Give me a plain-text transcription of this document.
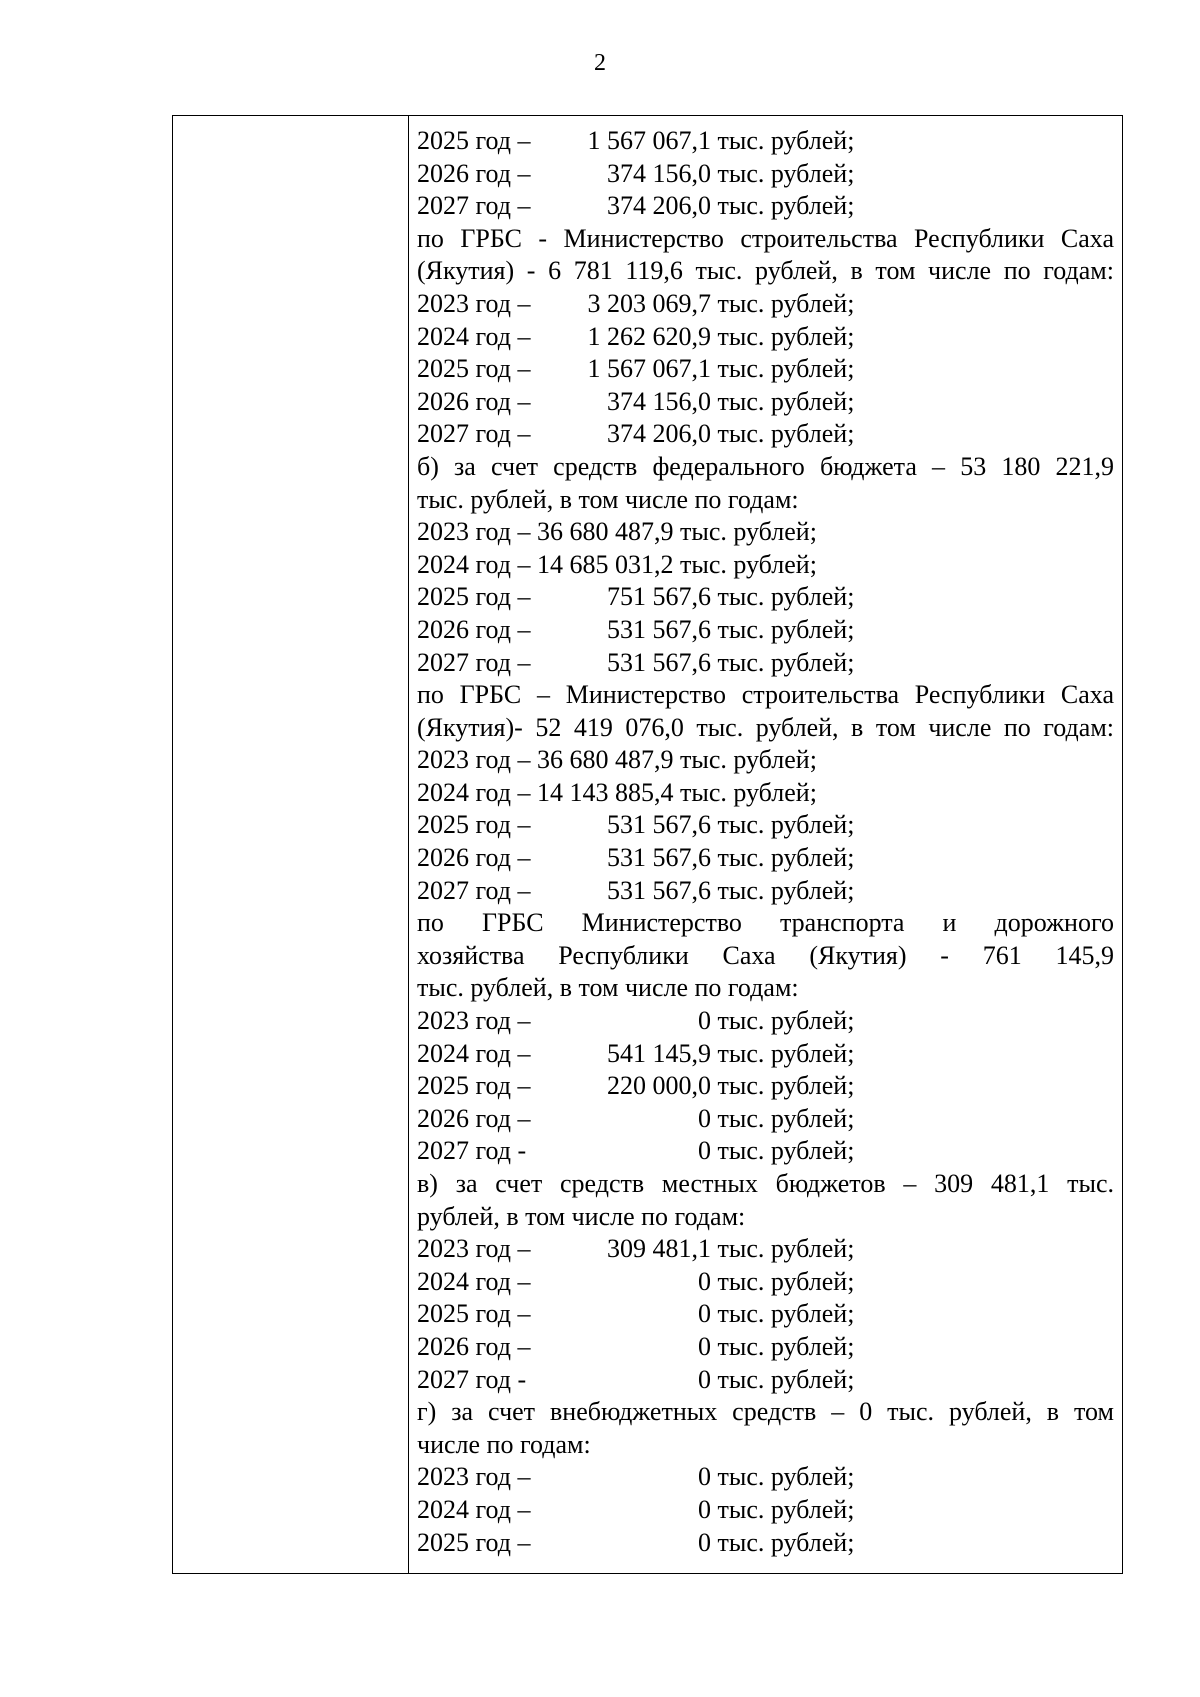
2
2025 год – 1 567 067,1 тыс. рублей;
2026 год –	374 156,0 тыс. рублей;
2027 год –	374 206,0 тыс. рублей;
по ГРБС - Министерство строительства Республики Саха
(Якутия) - 6 781 119,6 тыс. рублей, в том числе по годам:
2023 год – 3 203 069,7 тыс. рублей;
2024 год – 1 262 620,9 тыс. рублей;
2025 год – 1 567 067,1 тыс. рублей;
2026 год –	374 156,0 тыс. рублей;
2027 год –	374 206,0 тыс. рублей;
б) за счет средств федерального бюджета – 53 180 221,9
тыс. рублей, в том числе по годам:
2023 год – 36 680 487,9 тыс. рублей;
2024 год – 14 685 031,2 тыс. рублей;
2025 год –	751 567,6 тыс. рублей;
2026 год –	531 567,6 тыс. рублей;
2027 год –	531 567,6 тыс. рублей;
по ГРБС – Министерство строительства Республики Саха
(Якутия)- 52 419 076,0 тыс. рублей, в том числе по годам:
2023 год – 36 680 487,9 тыс. рублей;
2024 год – 14 143 885,4 тыс. рублей;
2025 год –	531 567,6 тыс. рублей;
2026 год –	531 567,6 тыс. рублей;
2027 год –	531 567,6 тыс. рублей;
по ГРБС Министерство транспорта и дорожного
хозяйства Республики Саха (Якутия) - 761 145,9
тыс. рублей, в том числе по годам:
2023 год –	0 тыс. рублей;
2024 год –	541 145,9 тыс. рублей;
2025 год –	220 000,0 тыс. рублей;
2026 год –	0 тыс. рублей;
2027 год -	0 тыс. рублей;
в) за счет средств местных бюджетов – 309 481,1 тыс.
рублей, в том числе по годам:
2023 год –	309 481,1 тыс. рублей;
2024 год –	0 тыс. рублей;
2025 год –	0 тыс. рублей;
2026 год –	0 тыс. рублей;
2027 год -	0 тыс. рублей;
г) за счет внебюджетных средств – 0 тыс. рублей, в том
числе по годам:
2023 год –	0 тыс. рублей;
2024 год –	0 тыс. рублей;
2025 год –	0 тыс. рублей;
